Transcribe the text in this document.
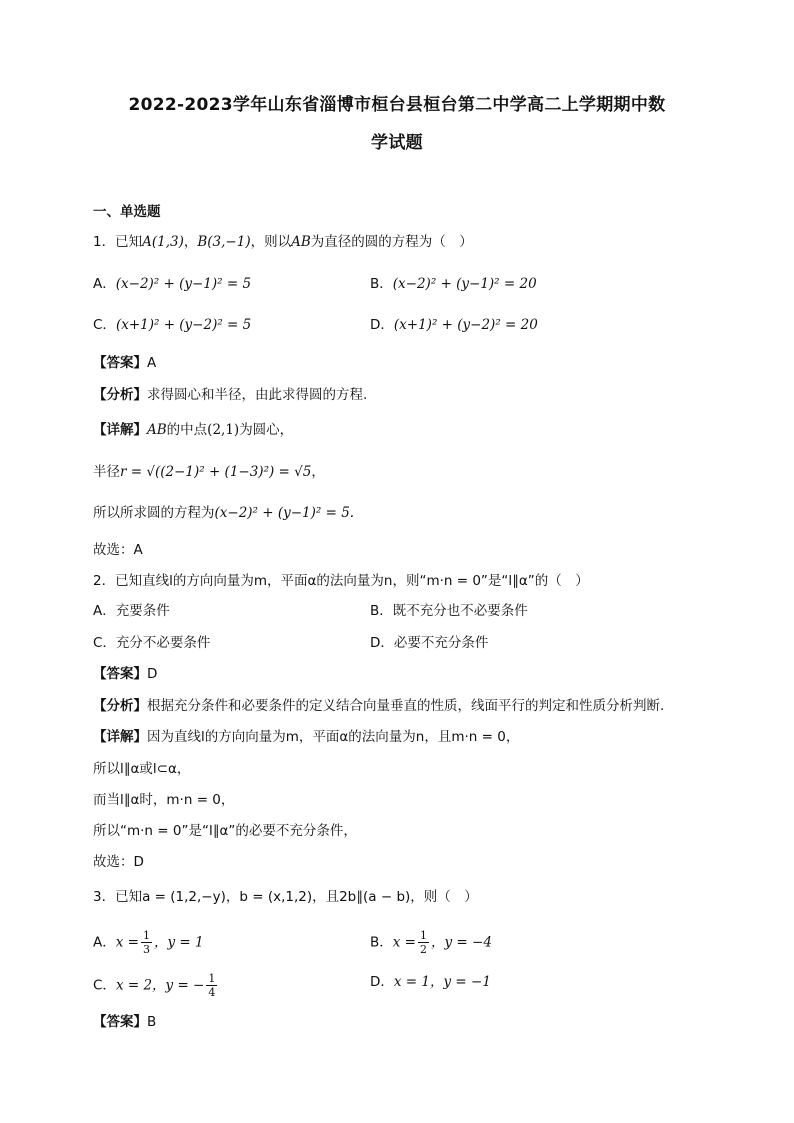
2022-2023学年山东省淄博市桓台县桓台第二中学高二上学期期中数
学试题
一、单选题
1．已知A(1,3)，B(3,−1)，则以AB为直径的圆的方程为（　）
A．(x−2)² + (y−1)² = 5	B．(x−2)² + (y−1)² = 20
C．(x+1)² + (y−2)² = 5	D．(x+1)² + (y−2)² = 20
【答案】A
【分析】求得圆心和半径，由此求得圆的方程.
【详解】AB的中点(2,1)为圆心，
半径r = √((2−1)² + (1−3)²) = √5，
所以所求圆的方程为(x−2)² + (y−1)² = 5.
故选：A
2．已知直线l的方向向量为m，平面α的法向量为n，则“m·n = 0”是“l∥α”的（　）
A．充要条件	B．既不充分也不必要条件
C．充分不必要条件	D．必要不充分条件
【答案】D
【分析】根据充分条件和必要条件的定义结合向量垂直的性质，线面平行的判定和性质分析判断.
【详解】因为直线l的方向向量为m，平面α的法向量为n，且m·n = 0，
所以l∥α或l⊂α，
而当l∥α时，m·n = 0，
所以“m·n = 0”是“l∥α”的必要不充分条件，
故选：D
3．已知a = (1,2,−y)，b = (x,1,2)，且2b∥(a − b)，则（　）
A．$x = \frac{1}{3}$ ，y = 1	B．$x = \frac{1}{2}$ ，y = −4
C．x = 2，y = − $\frac{1}{4}$	D．x = 1，y = −1
【答案】B
